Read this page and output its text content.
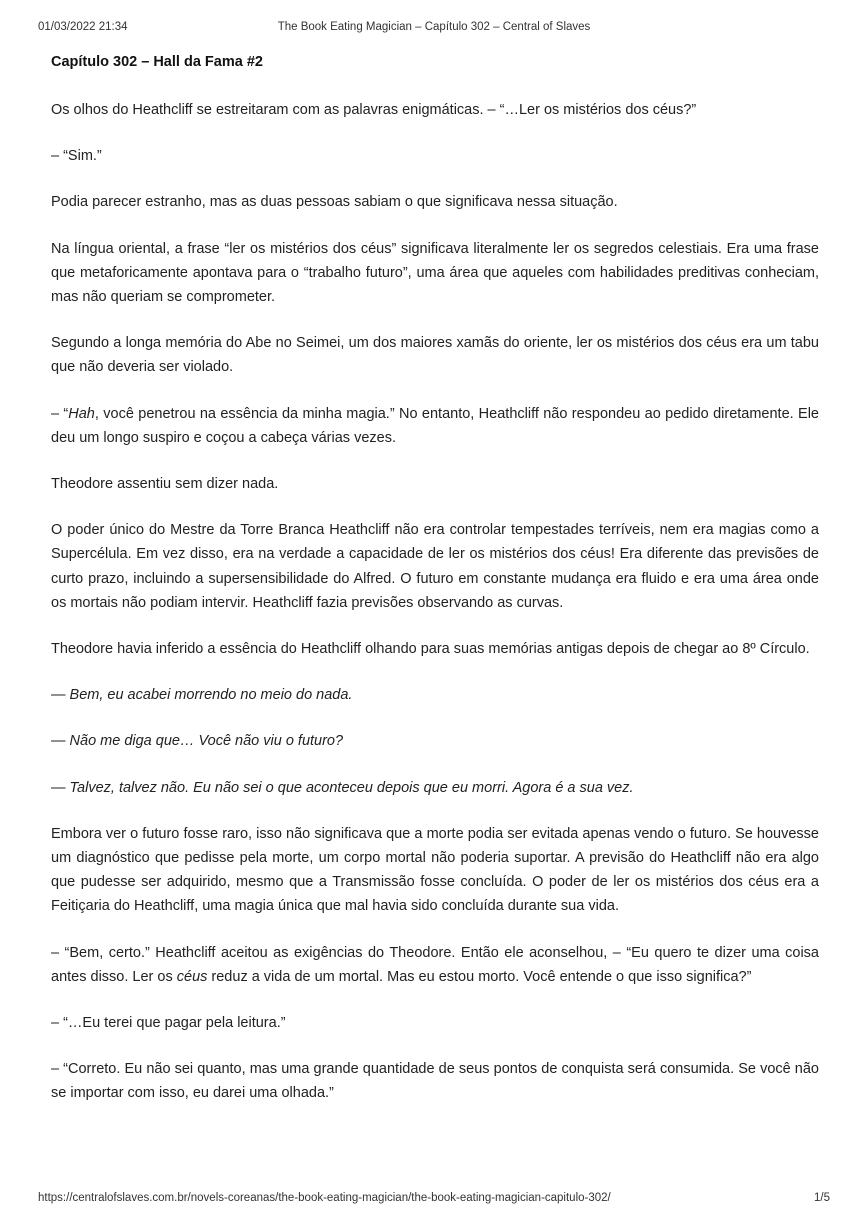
01/03/2022 21:34	The Book Eating Magician – Capítulo 302 – Central of Slaves
Capítulo 302 – Hall da Fama #2

Os olhos do Heathcliff se estreitaram com as palavras enigmáticas. – “…Ler os mistérios dos céus?”

– “Sim.”

Podia parecer estranho, mas as duas pessoas sabiam o que significava nessa situação.

Na língua oriental, a frase “ler os mistérios dos céus” significava literalmente ler os segredos celestiais. Era uma frase que metaforicamente apontava para o “trabalho futuro”, uma área que aqueles com habilidades preditivas conheciam, mas não queriam se comprometer.

Segundo a longa memória do Abe no Seimei, um dos maiores xamãs do oriente, ler os mistérios dos céus era um tabu que não deveria ser violado.

– “Hah, você penetrou na essência da minha magia.” No entanto, Heathcliff não respondeu ao pedido diretamente. Ele deu um longo suspiro e coçou a cabeça várias vezes.

Theodore assentiu sem dizer nada.

O poder único do Mestre da Torre Branca Heathcliff não era controlar tempestades terríveis, nem era magias como a Supercélula. Em vez disso, era na verdade a capacidade de ler os mistérios dos céus! Era diferente das previsões de curto prazo, incluindo a supersensibilidade do Alfred. O futuro em constante mudança era fluido e era uma área onde os mortais não podiam intervir. Heathcliff fazia previsões observando as curvas.

Theodore havia inferido a essência do Heathcliff olhando para suas memórias antigas depois de chegar ao 8º Círculo.

— Bem, eu acabei morrendo no meio do nada.

— Não me diga que… Você não viu o futuro?

— Talvez, talvez não. Eu não sei o que aconteceu depois que eu morri. Agora é a sua vez.

Embora ver o futuro fosse raro, isso não significava que a morte podia ser evitada apenas vendo o futuro. Se houvesse um diagnóstico que pedisse pela morte, um corpo mortal não poderia suportar. A previsão do Heathcliff não era algo que pudesse ser adquirido, mesmo que a Transmissão fosse concluída. O poder de ler os mistérios dos céus era a Feitiçaria do Heathcliff, uma magia única que mal havia sido concluída durante sua vida.

– “Bem, certo.” Heathcliff aceitou as exigências do Theodore. Então ele aconselhou, – “Eu quero te dizer uma coisa antes disso. Ler os céus reduz a vida de um mortal. Mas eu estou morto. Você entende o que isso significa?”

– “…Eu terei que pagar pela leitura.”

– “Correto. Eu não sei quanto, mas uma grande quantidade de seus pontos de conquista será consumida. Se você não se importar com isso, eu darei uma olhada.”

https://centralofslaves.com.br/novels-coreanas/the-book-eating-magician/the-book-eating-magician-capitulo-302/	1/5
